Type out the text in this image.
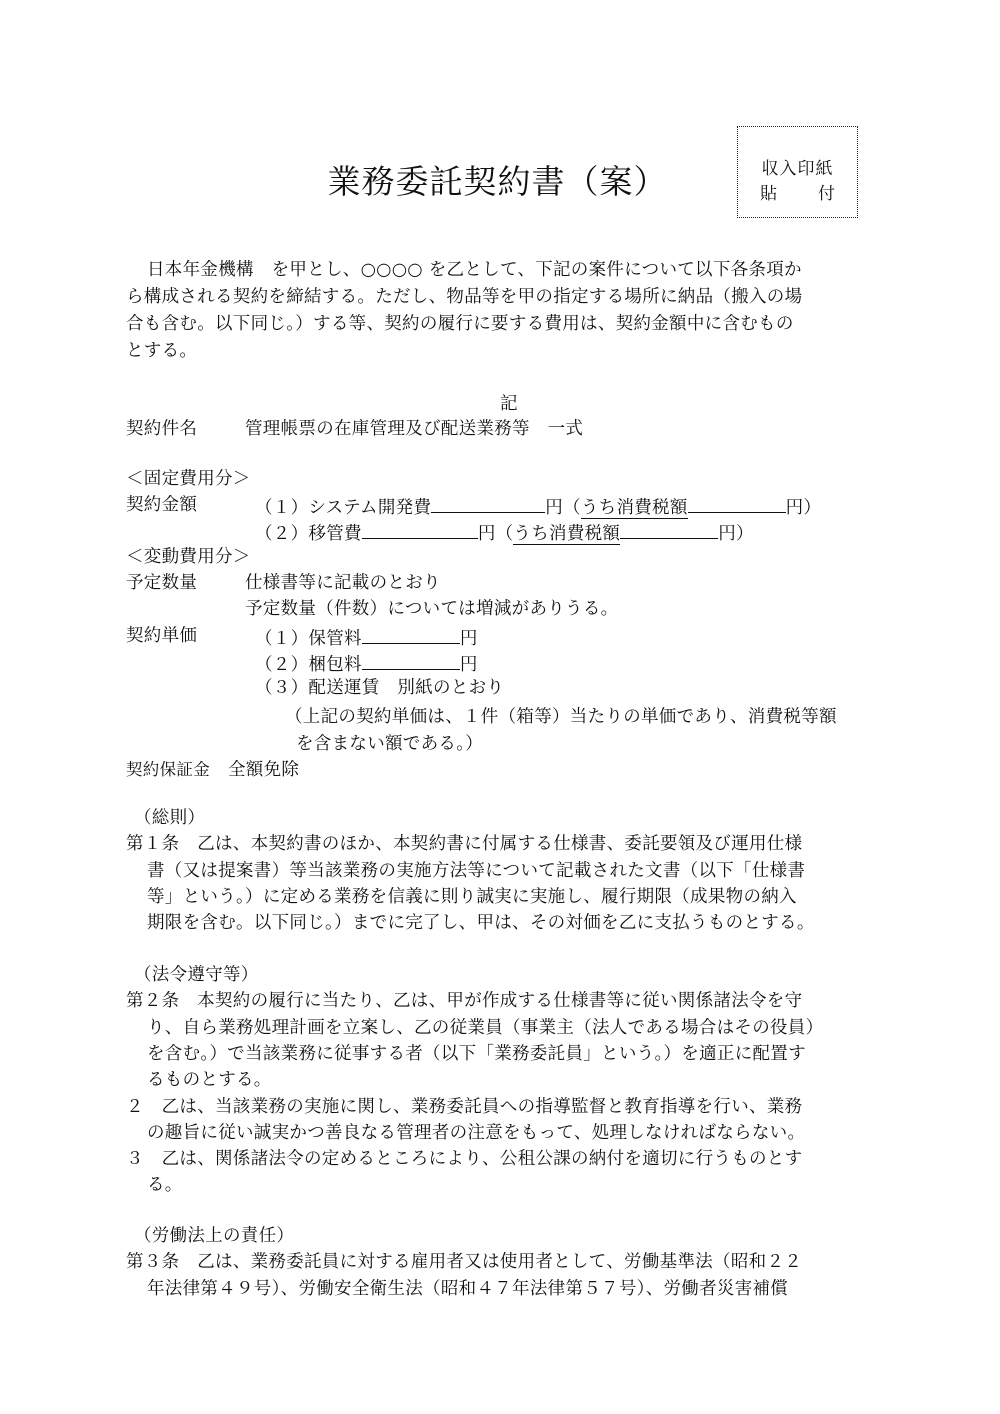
業務委託契約書（案）	収入印紙
貼 付
日本年金機構　を甲とし、○○○○ を乙として、下記の案件について以下各条項か
ら構成される契約を締結する。ただし、物品等を甲の指定する場所に納品（搬入の場
合も含む。以下同じ。）する等、契約の履行に要する費用は、契約金額中に含むもの
とする。
記
契約件名	管理帳票の在庫管理及び配送業務等　一式
＜固定費用分＞
契約金額	（１）システム開発費	円（うち消費税額	円）
（２）移管費	円（うち消費税額	円）
＜変動費用分＞
予定数量	仕様書等に記載のとおり
予定数量（件数）については増減がありうる。
契約単価	（１）保管料	円
（２）梱包料	円
（３）配送運賃　別紙のとおり
（上記の契約単価は、１件（箱等）当たりの単価であり、消費税等額
を含まない額である。）
契約保証金 全額免除
（総則）
第１条　乙は、本契約書のほか、本契約書に付属する仕様書、委託要領及び運用仕様
書（又は提案書）等当該業務の実施方法等について記載された文書（以下「仕様書
等」という。）に定める業務を信義に則り誠実に実施し、履行期限（成果物の納入
期限を含む。以下同じ。）までに完了し、甲は、その対価を乙に支払うものとする。
（法令遵守等）
第２条　本契約の履行に当たり、乙は、甲が作成する仕様書等に従い関係諸法令を守
り、自ら業務処理計画を立案し、乙の従業員（事業主（法人である場合はその役員）
を含む。）で当該業務に従事する者（以下「業務委託員」という。）を適正に配置す
るものとする。
２　乙は、当該業務の実施に関し、業務委託員への指導監督と教育指導を行い、業務
の趣旨に従い誠実かつ善良なる管理者の注意をもって、処理しなければならない。
３　乙は、関係諸法令の定めるところにより、公租公課の納付を適切に行うものとす
る。
（労働法上の責任）
第３条　乙は、業務委託員に対する雇用者又は使用者として、労働基準法（昭和２２
年法律第４９号）、労働安全衛生法（昭和４７年法律第５７号）、労働者災害補償
